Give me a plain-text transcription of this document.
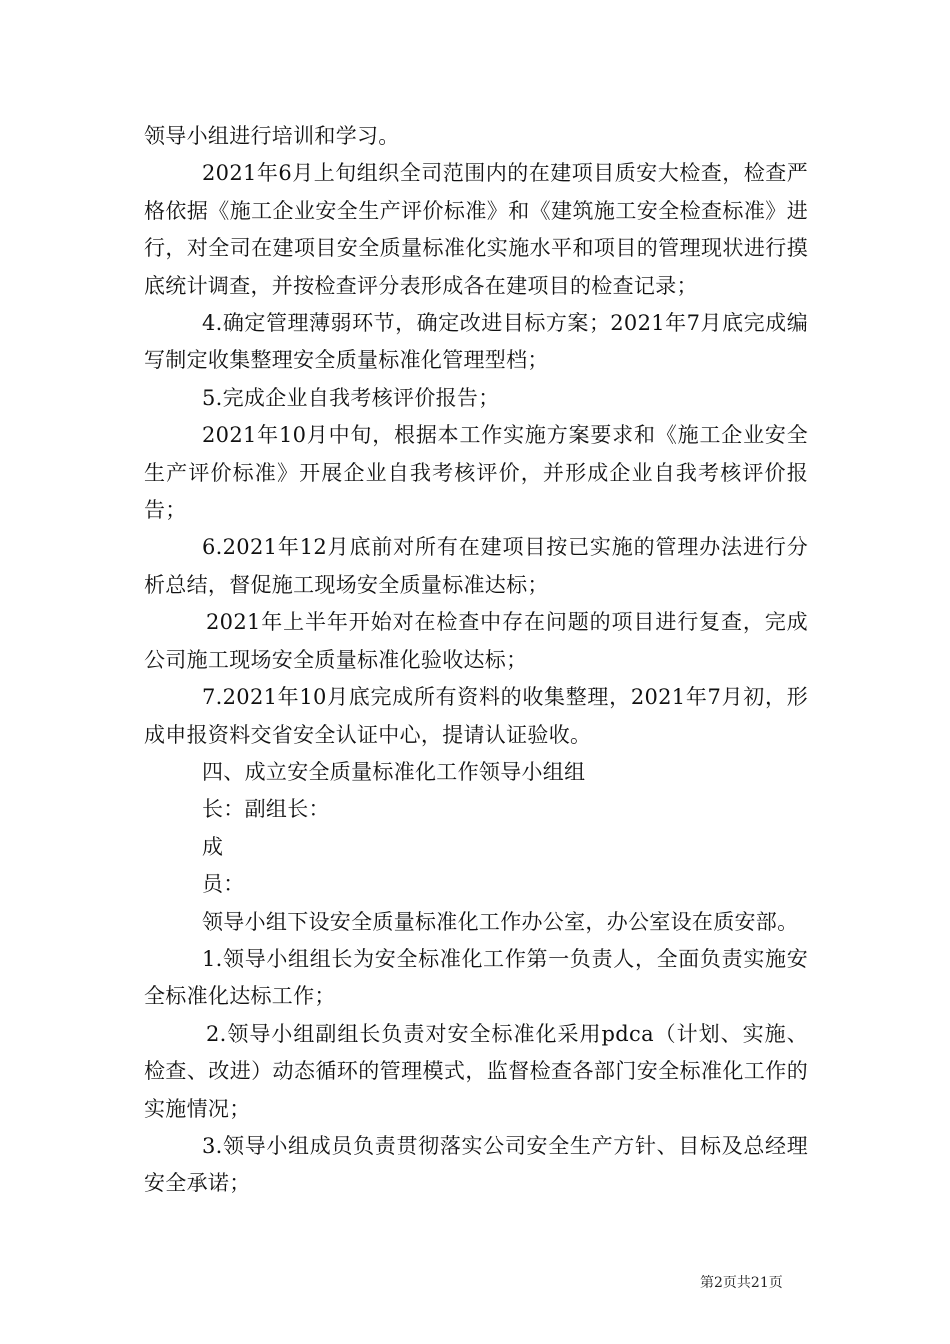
领导小组进行培训和学习。

2021年6月上旬组织全司范围内的在建项目质安大检查，检查严格依据《施工企业安全生产评价标准》和《建筑施工安全检查标准》进行，对全司在建项目安全质量标准化实施水平和项目的管理现状进行摸底统计调查，并按检查评分表形成各在建项目的检查记录；

4.确定管理薄弱环节，确定改进目标方案；2021年7月底完成编写制定收集整理安全质量标准化管理型档；

5.完成企业自我考核评价报告；

2021年10月中旬，根据本工作实施方案要求和《施工企业安全生产评价标准》开展企业自我考核评价，并形成企业自我考核评价报告；

6.2021年12月底前对所有在建项目按已实施的管理办法进行分析总结，督促施工现场安全质量标准达标；

2021年上半年开始对在检查中存在问题的项目进行复查，完成公司施工现场安全质量标准化验收达标；

7.2021年10月底完成所有资料的收集整理，2021年7月初，形成申报资料交省安全认证中心，提请认证验收。

四、成立安全质量标准化工作领导小组组

长：副组长：

成

员：

领导小组下设安全质量标准化工作办公室，办公室设在质安部。

1.领导小组组长为安全标准化工作第一负责人，全面负责实施安全标准化达标工作；

2.领导小组副组长负责对安全标准化采用pdca（计划、实施、检查、改进）动态循环的管理模式，监督检查各部门安全标准化工作的实施情况；

3.领导小组成员负责贯彻落实公司安全生产方针、目标及总经理安全承诺；

第2页共21页
